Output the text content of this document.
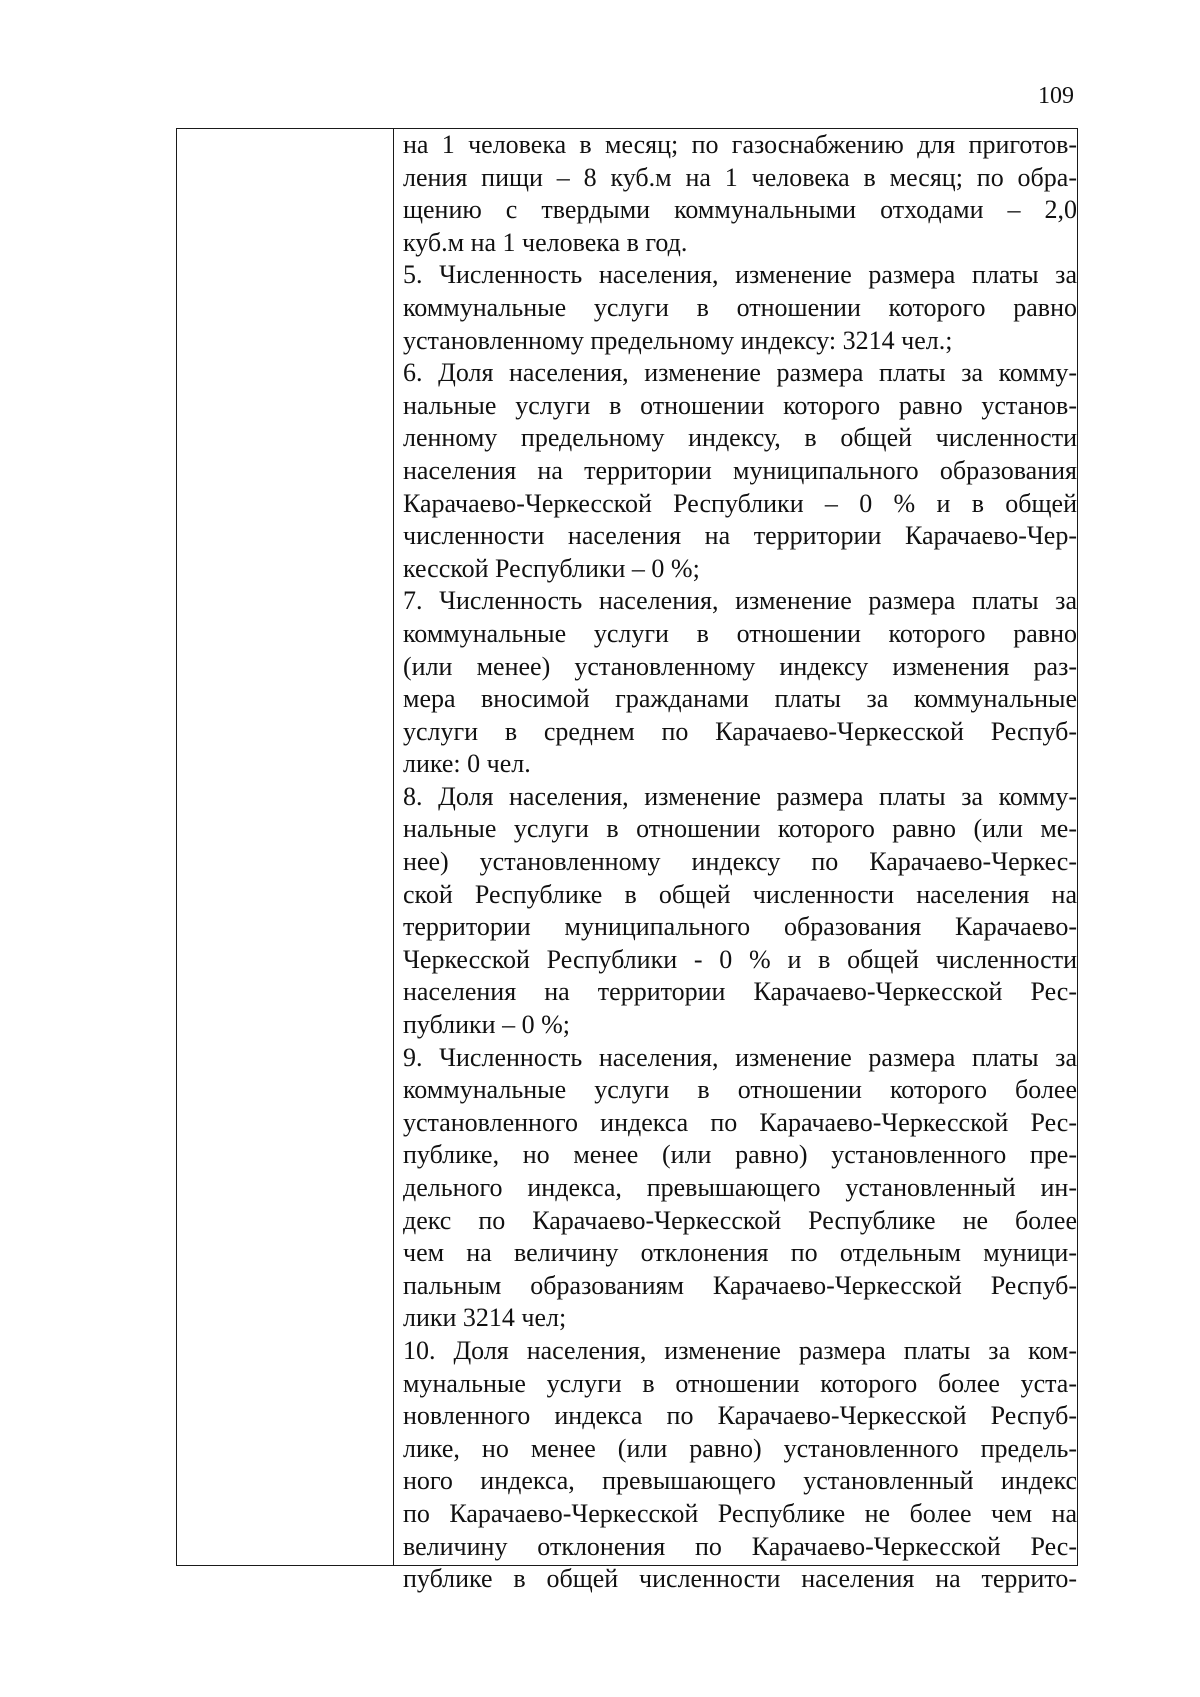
109
на 1 человека в месяц; по газоснабжению для приготов-
ления пищи – 8 куб.м на 1 человека в месяц; по обра-
щению с твердыми коммунальными отходами – 2,0
куб.м на 1 человека в год.
5. Численность населения, изменение размера платы за
коммунальные услуги в отношении которого равно
установленному предельному индексу: 3214 чел.;
6. Доля населения, изменение размера платы за комму-
нальные услуги в отношении которого равно установ-
ленному предельному индексу, в общей численности
населения на территории муниципального образования
Карачаево-Черкесской Республики – 0 % и в общей
численности населения на территории Карачаево-Чер-
кесской Республики – 0 %;
7. Численность населения, изменение размера платы за
коммунальные услуги в отношении которого равно
(или менее) установленному индексу изменения раз-
мера вносимой гражданами платы за коммунальные
услуги в среднем по Карачаево-Черкесской Респуб-
лике: 0 чел.
8. Доля населения, изменение размера платы за комму-
нальные услуги в отношении которого равно (или ме-
нее) установленному индексу по Карачаево-Черкес-
ской Республике в общей численности населения на
территории муниципального образования Карачаево-
Черкесской Республики - 0 % и в общей численности
населения на территории Карачаево-Черкесской Рес-
публики – 0 %;
9. Численность населения, изменение размера платы за
коммунальные услуги в отношении которого более
установленного индекса по Карачаево-Черкесской Рес-
публике, но менее (или равно) установленного пре-
дельного индекса, превышающего установленный ин-
декс по Карачаево-Черкесской Республике не более
чем на величину отклонения по отдельным муници-
пальным образованиям Карачаево-Черкесской Респуб-
лики 3214 чел;
10. Доля населения, изменение размера платы за ком-
мунальные услуги в отношении которого более уста-
новленного индекса по Карачаево-Черкесской Респуб-
лике, но менее (или равно) установленного предель-
ного индекса, превышающего установленный индекс
по Карачаево-Черкесской Республике не более чем на
величину отклонения по Карачаево-Черкесской Рес-
публике в общей численности населения на террито-
